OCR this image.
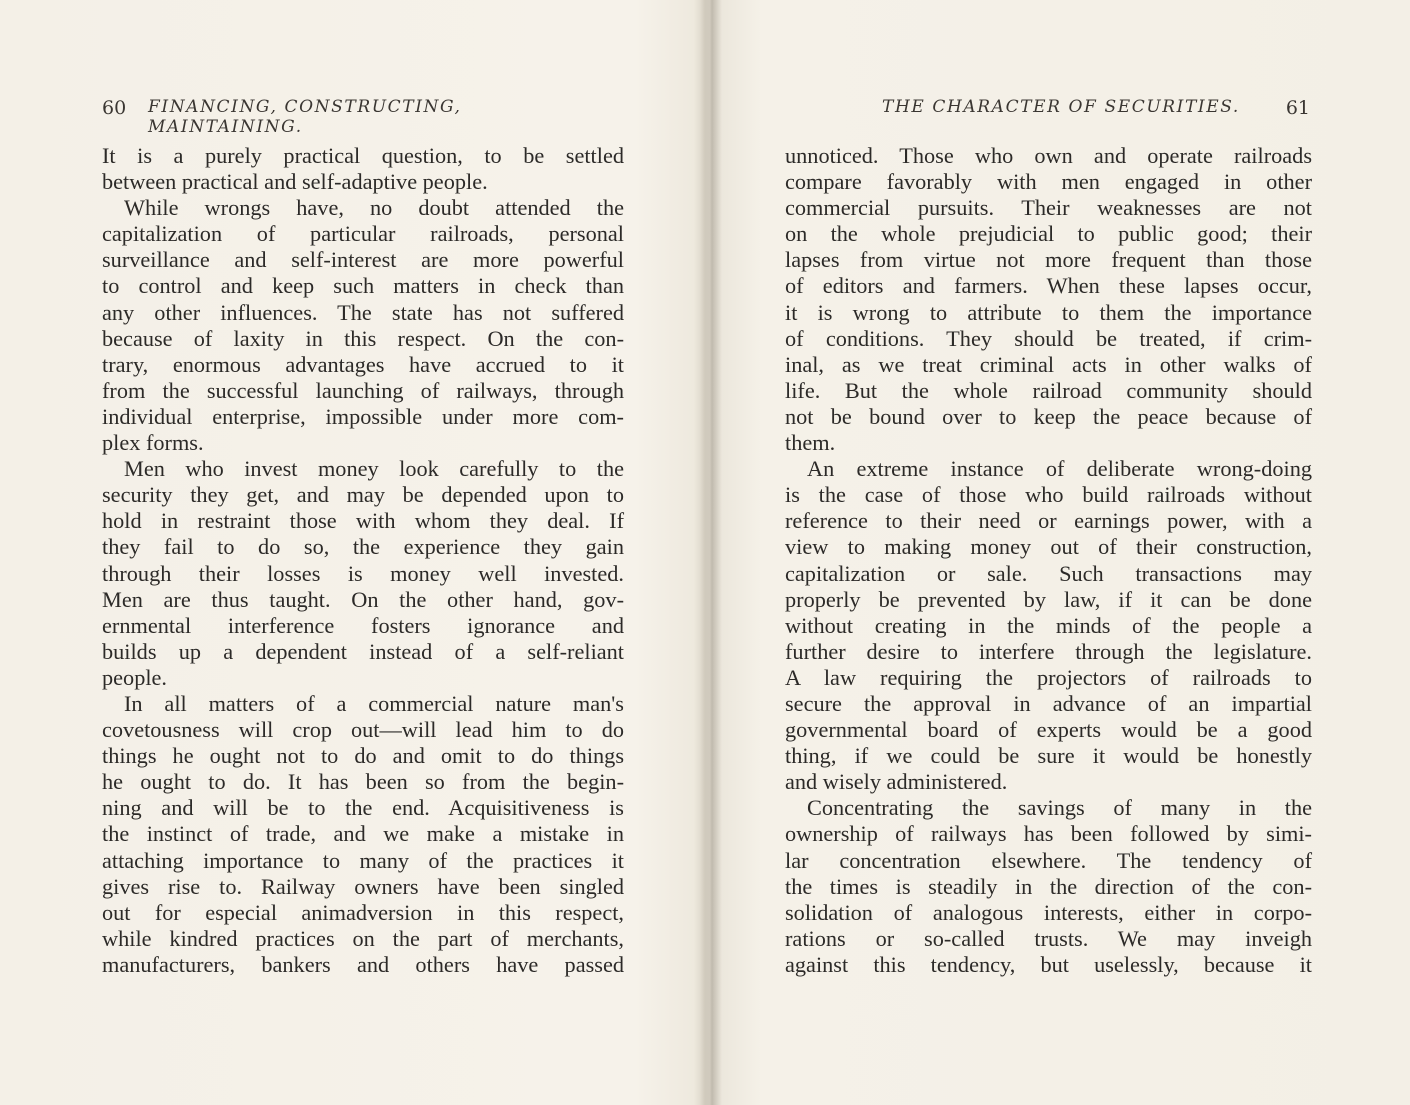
60 FINANCING, CONSTRUCTING, MAINTAINING.
It is a purely practical question, to be settled
between practical and self-adaptive people.
While wrongs have, no doubt attended the
capitalization of particular railroads, personal
surveillance and self-interest are more powerful
to control and keep such matters in check than
any other influences. The state has not suffered
because of laxity in this respect. On the con-
trary, enormous advantages have accrued to it
from the successful launching of railways, through
individual enterprise, impossible under more com-
plex forms.
Men who invest money look carefully to the
security they get, and may be depended upon to
hold in restraint those with whom they deal. If
they fail to do so, the experience they gain
through their losses is money well invested.
Men are thus taught. On the other hand, gov-
ernmental interference fosters ignorance and
builds up a dependent instead of a self-reliant
people.
In all matters of a commercial nature man's
covetousness will crop out—will lead him to do
things he ought not to do and omit to do things
he ought to do. It has been so from the begin-
ning and will be to the end. Acquisitiveness is
the instinct of trade, and we make a mistake in
attaching importance to many of the practices it
gives rise to. Railway owners have been singled
out for especial animadversion in this respect,
while kindred practices on the part of merchants,
manufacturers, bankers and others have passed
THE CHARACTER OF SECURITIES. 61
unnoticed. Those who own and operate railroads
compare favorably with men engaged in other
commercial pursuits. Their weaknesses are not
on the whole prejudicial to public good; their
lapses from virtue not more frequent than those
of editors and farmers. When these lapses occur,
it is wrong to attribute to them the importance
of conditions. They should be treated, if crim-
inal, as we treat criminal acts in other walks of
life. But the whole railroad community should
not be bound over to keep the peace because of
them.
An extreme instance of deliberate wrong-doing
is the case of those who build railroads without
reference to their need or earnings power, with a
view to making money out of their construction,
capitalization or sale. Such transactions may
properly be prevented by law, if it can be done
without creating in the minds of the people a
further desire to interfere through the legislature.
A law requiring the projectors of railroads to
secure the approval in advance of an impartial
governmental board of experts would be a good
thing, if we could be sure it would be honestly
and wisely administered.
Concentrating the savings of many in the
ownership of railways has been followed by simi-
lar concentration elsewhere. The tendency of
the times is steadily in the direction of the con-
solidation of analogous interests, either in corpo-
rations or so-called trusts. We may inveigh
against this tendency, but uselessly, because it
